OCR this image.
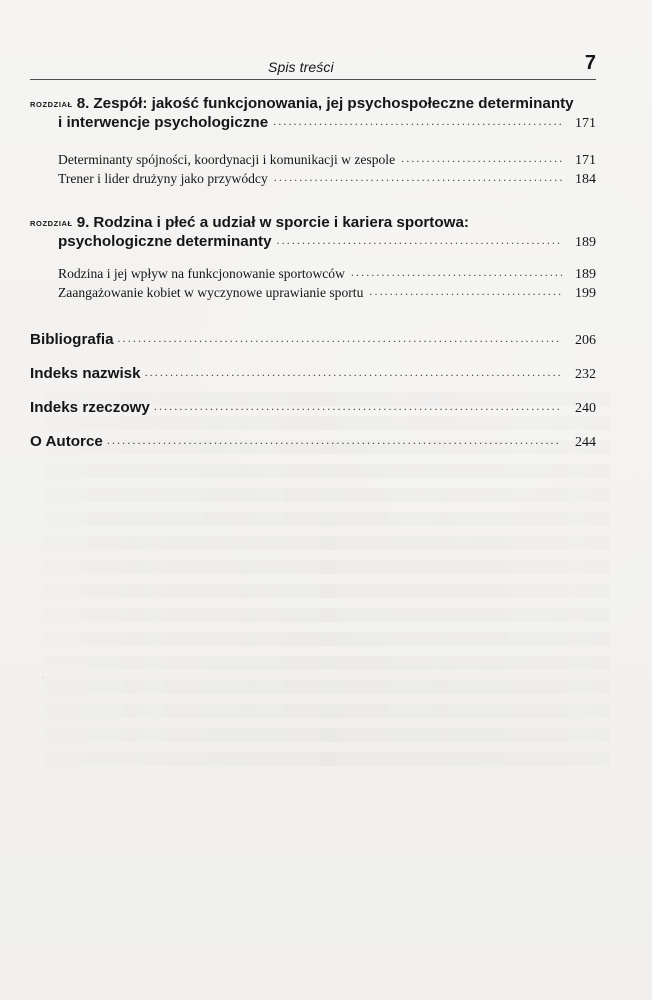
Spis treści	7
ROZDZIAŁ 8. Zespół: jakość funkcjonowania, jej psychospołeczne determinanty
i interwencje psychologiczne .....	171
Determinanty spójności, koordynacji i komunikacji w zespole .....	171
Trener i lider drużyny jako przywódcy .....	184
ROZDZIAŁ 9. Rodzina i płeć a udział w sporcie i kariera sportowa:
psychologiczne determinanty .....	189
Rodzina i jej wpływ na funkcjonowanie sportowców .....	189
Zaangażowanie kobiet w wyczynowe uprawianie sportu .....	199
Bibliografia .....	206
Indeks nazwisk .....	232
Indeks rzeczowy .....	240
O Autorce .....	244
·
